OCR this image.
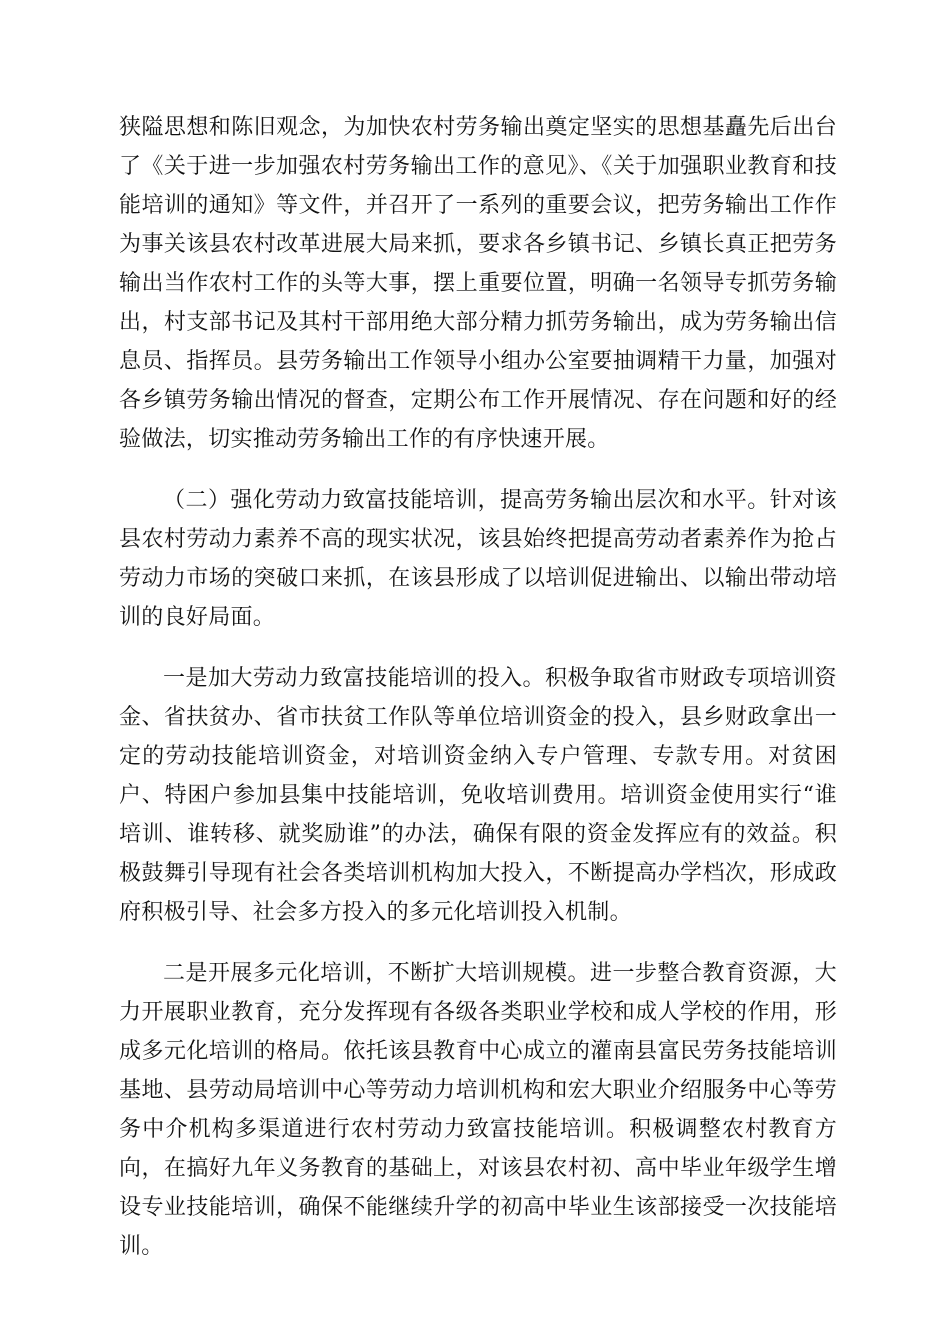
狭隘思想和陈旧观念，为加快农村劳务输出奠定坚实的思想基矗先后出台了《关于进一步加强农村劳务输出工作的意见》、《关于加强职业教育和技能培训的通知》等文件，并召开了一系列的重要会议，把劳务输出工作作为事关该县农村改革进展大局来抓，要求各乡镇书记、乡镇长真正把劳务输出当作农村工作的头等大事，摆上重要位置，明确一名领导专抓劳务输出，村支部书记及其村干部用绝大部分精力抓劳务输出，成为劳务输出信息员、指挥员。县劳务输出工作领导小组办公室要抽调精干力量，加强对各乡镇劳务输出情况的督查，定期公布工作开展情况、存在问题和好的经验做法，切实推动劳务输出工作的有序快速开展。

（二）强化劳动力致富技能培训，提高劳务输出层次和水平。针对该县农村劳动力素养不高的现实状况，该县始终把提高劳动者素养作为抢占劳动力市场的突破口来抓，在该县形成了以培训促进输出、以输出带动培训的良好局面。

一是加大劳动力致富技能培训的投入。积极争取省市财政专项培训资金、省扶贫办、省市扶贫工作队等单位培训资金的投入，县乡财政拿出一定的劳动技能培训资金，对培训资金纳入专户管理、专款专用。对贫困户、特困户参加县集中技能培训，免收培训费用。培训资金使用实行“谁培训、谁转移、就奖励谁”的办法，确保有限的资金发挥应有的效益。积极鼓舞引导现有社会各类培训机构加大投入，不断提高办学档次，形成政府积极引导、社会多方投入的多元化培训投入机制。

二是开展多元化培训，不断扩大培训规模。进一步整合教育资源，大力开展职业教育，充分发挥现有各级各类职业学校和成人学校的作用，形成多元化培训的格局。依托该县教育中心成立的灌南县富民劳务技能培训基地、县劳动局培训中心等劳动力培训机构和宏大职业介绍服务中心等劳务中介机构多渠道进行农村劳动力致富技能培训。积极调整农村教育方向，在搞好九年义务教育的基础上，对该县农村初、高中毕业年级学生增设专业技能培训，确保不能继续升学的初高中毕业生该部接受一次技能培训。
